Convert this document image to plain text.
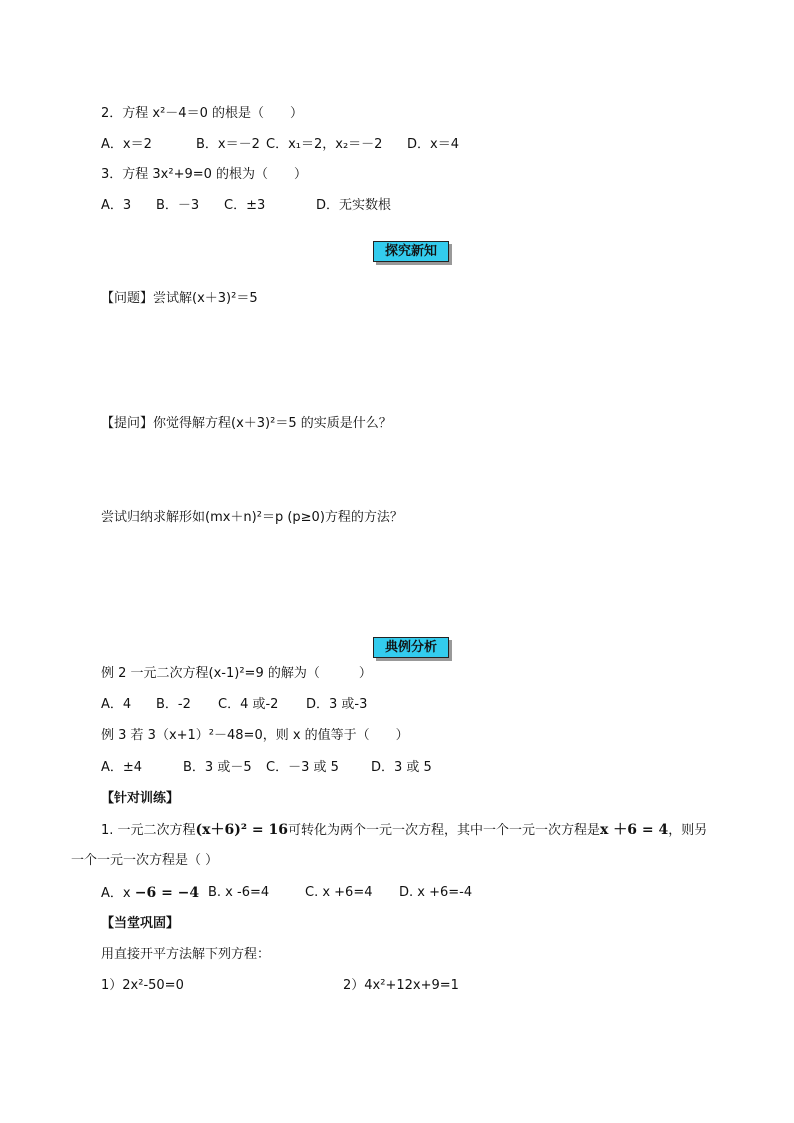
2．方程 x²－4＝0 的根是（　　）
A．x＝2	B．x＝－2 C．x₁＝2，x₂＝－2 D．x＝4
3．方程 3x²+9=0 的根为（　　）
A．3 B．－3 C．±3	D．无实数根
探究新知
【问题】尝试解(x＋3)²＝5
【提问】你觉得解方程(x＋3)²＝5 的实质是什么？
尝试归纳求解形如(mx＋n)²＝p (p≥0)方程的方法？
典例分析
例 2 一元二次方程(x-1)²=9 的解为（　　　）
A．4 B．-2 C．4 或-2 D．3 或-3
例 3 若 3（x+1）²－48=0，则 x 的值等于（　　）
A．±4	B．3 或－5 C．－3 或 5 D．3 或 5
【针对训练】
1. 一元二次方程(x＋6)² = 16可转化为两个一元一次方程，其中一个一元一次方程是x ＋6 = 4，则另
一个一元一次方程是（ ）
A．x −6 = −4 B. x -6=4	C. x +6=4 D. x +6=-4
【当堂巩固】
用直接开平方法解下列方程：
1）2x²-50=0	2）4x²+12x+9=1
